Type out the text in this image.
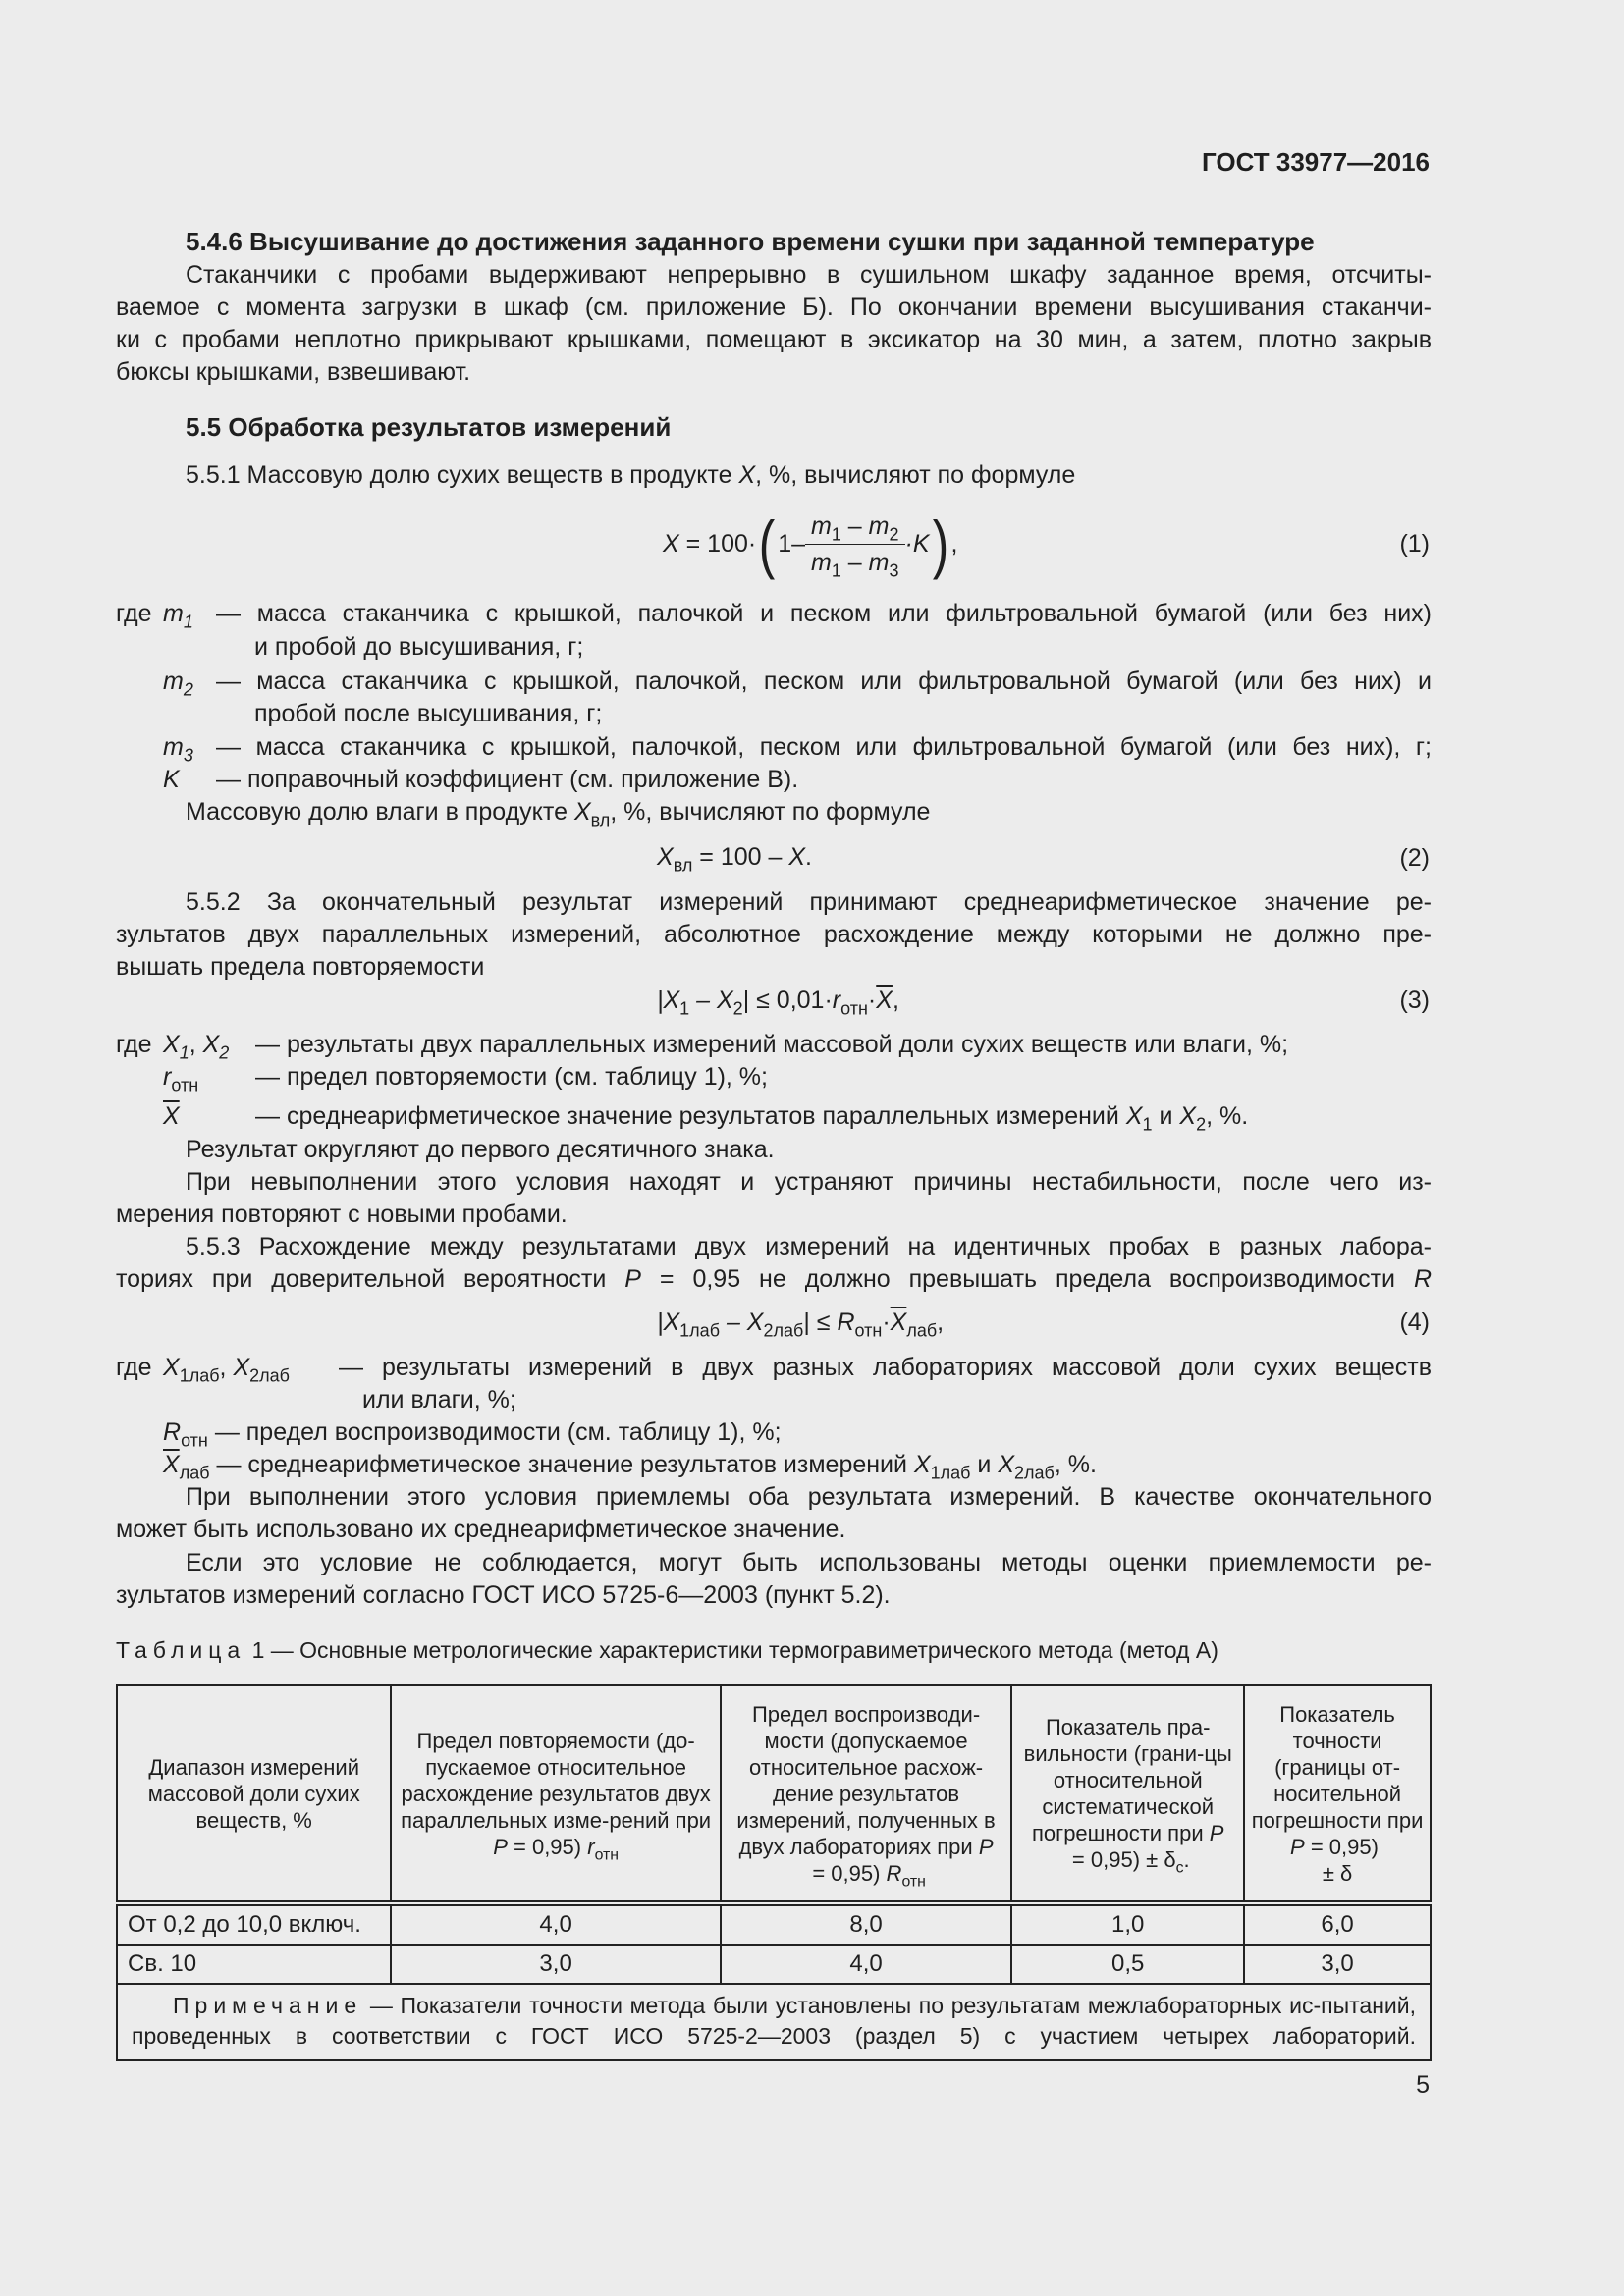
ГОСТ 33977—2016
5.4.6 Высушивание до достижения заданного времени сушки при заданной температуре
Стаканчики с пробами выдерживают непрерывно в сушильном шкафу заданное время, отсчиты-
ваемое с момента загрузки в шкаф (см. приложение Б). По окончании времени высушивания стаканчи-
ки с пробами неплотно прикрывают крышками, помещают в эксикатор на 30 мин, а затем, плотно закрыв
бюксы крышками, взвешивают.
5.5 Обработка результатов измерений
5.5.1 Массовую долю сухих веществ в продукте X, %, вычисляют по формуле
X = 100· ( $1- \frac{m_1 - m_2}{m_1 - m_3} \cdot K$ ) ,	(1)
где $m_1$ — масса стаканчика с крышкой, палочкой и песком или фильтровальной бумагой (или без них)
и пробой до высушивания, г;
$m_2$ — масса стаканчика с крышкой, палочкой, песком или фильтровальной бумагой (или без них) и
пробой после высушивания, г;
$m_3$ — масса стаканчика с крышкой, палочкой, песком или фильтровальной бумагой (или без них), г;
K — поправочный коэффициент (см. приложение В).
Массовую долю влаги в продукте $X_{вл}$, %, вычисляют по формуле
$X_{вл} = 100 - X$.	(2)
5.5.2 За окончательный результат измерений принимают среднеарифметическое значение ре-
зультатов двух параллельных измерений, абсолютное расхождение между которыми не должно пре-
вышать предела повторяемости
$|X_1 - X_2| \le 0,01\cdot r_{отн}\cdot\overline{X}$,	(3)
где $X_1$, $X_2$ — результаты двух параллельных измерений массовой доли сухих веществ или влаги, %;
$r_{отн}$ — предел повторяемости (см. таблицу 1), %;
$\overline{X}$	— среднеарифметическое значение результатов параллельных измерений $X_1$ и $X_2$, %.
Результат округляют до первого десятичного знака.
При невыполнении этого условия находят и устраняют причины нестабильности, после чего из-
мерения повторяют с новыми пробами.
5.5.3 Расхождение между результатами двух измерений на идентичных пробах в разных лабора-
ториях при доверительной вероятности P = 0,95 не должно превышать предела воспроизводимости R
$|X_{1лаб} - X_{2лаб}| \le R_{отн}\cdot\overline{X}_{лаб}$,	(4)
где $X_{1лаб}$, $X_{2лаб}$ — результаты измерений в двух разных лабораториях массовой доли сухих веществ
или влаги, %;
$R_{отн}$ — предел воспроизводимости (см. таблицу 1), %;
$\overline{X}_{лаб}$ — среднеарифметическое значение результатов измерений $X_{1лаб}$ и $X_{2лаб}$, %.
При выполнении этого условия приемлемы оба результата измерений. В качестве окончательного
может быть использовано их среднеарифметическое значение.
Если это условие не соблюдается, могут быть использованы методы оценки приемлемости ре-
зультатов измерений согласно ГОСТ ИСО 5725-6—2003 (пункт 5.2).
Таблица 1 — Основные метрологические характеристики термогравиметрического метода (метод А)
Диапазон измерений массовой доли сухих веществ, %	Предел повторяемости (до-пускаемое относительное расхождение результатов двух параллельных изме-рений при P = 0,95) $r_{отн}$	Предел воспроизводи-мости (допускаемое относительное расхож-дение результатов измерений, полученных в двух лабораториях при P = 0,95) $R_{отн}$	Показатель пра-вильности (грани-цы относительной систематической погрешности при $P = 0,95) \pm \delta_c$.	Показатель точности (границы от-носительной погрешности при P = 0,95)
± δ
От 0,2 до 10,0 включ.	4,0	8,0	1,0	6,0
Св. 10	3,0	4,0	0,5	3,0
Примечание — Показатели точности метода были установлены по результатам межлабораторных ис-пытаний, проведенных в соответствии с ГОСТ ИСО 5725-2—2003 (раздел 5) с участием четырех лабораторий.				
5
